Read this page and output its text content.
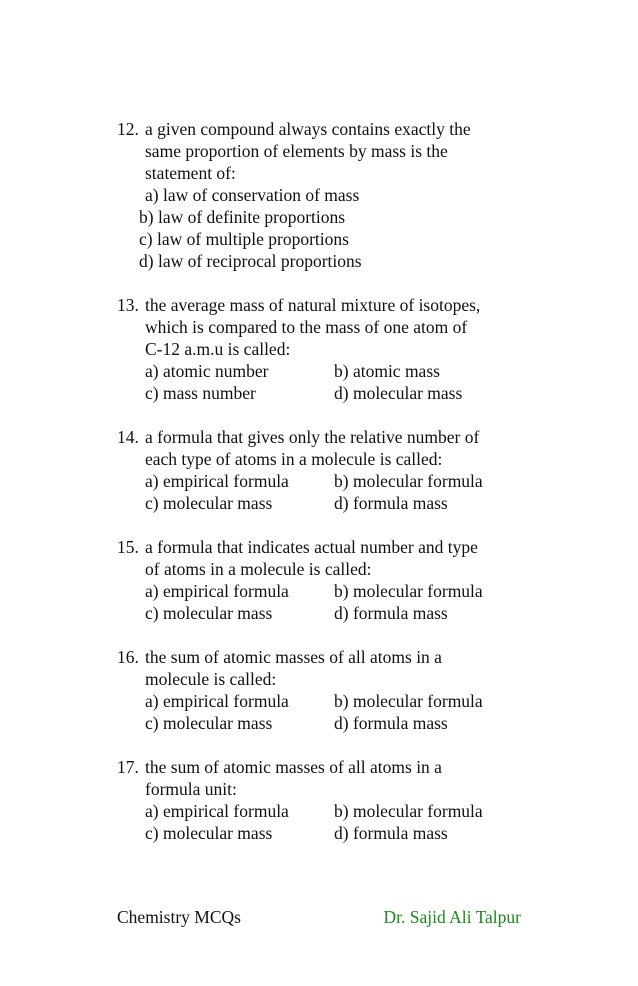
12. a given compound always contains exactly the
same proportion of elements by mass is the
statement of:
a) law of conservation of mass
b) law of definite proportions
c) law of multiple proportions
d) law of reciprocal proportions
13. the average mass of natural mixture of isotopes,
which is compared to the mass of one atom of
C-12 a.m.u is called:
a) atomic number	b) atomic mass
c) mass number	d) molecular mass
14. a formula that gives only the relative number of
each type of atoms in a molecule is called:
a) empirical formula	b) molecular formula
c) molecular mass	d) formula mass
15. a formula that indicates actual number and type
of atoms in a molecule is called:
a) empirical formula	b) molecular formula
c) molecular mass	d) formula mass
16. the sum of atomic masses of all atoms in a
molecule is called:
a) empirical formula	b) molecular formula
c) molecular mass	d) formula mass
17. the sum of atomic masses of all atoms in a
formula unit:
a) empirical formula	b) molecular formula
c) molecular mass	d) formula mass
Chemistry MCQs	Dr. Sajid Ali Talpur
